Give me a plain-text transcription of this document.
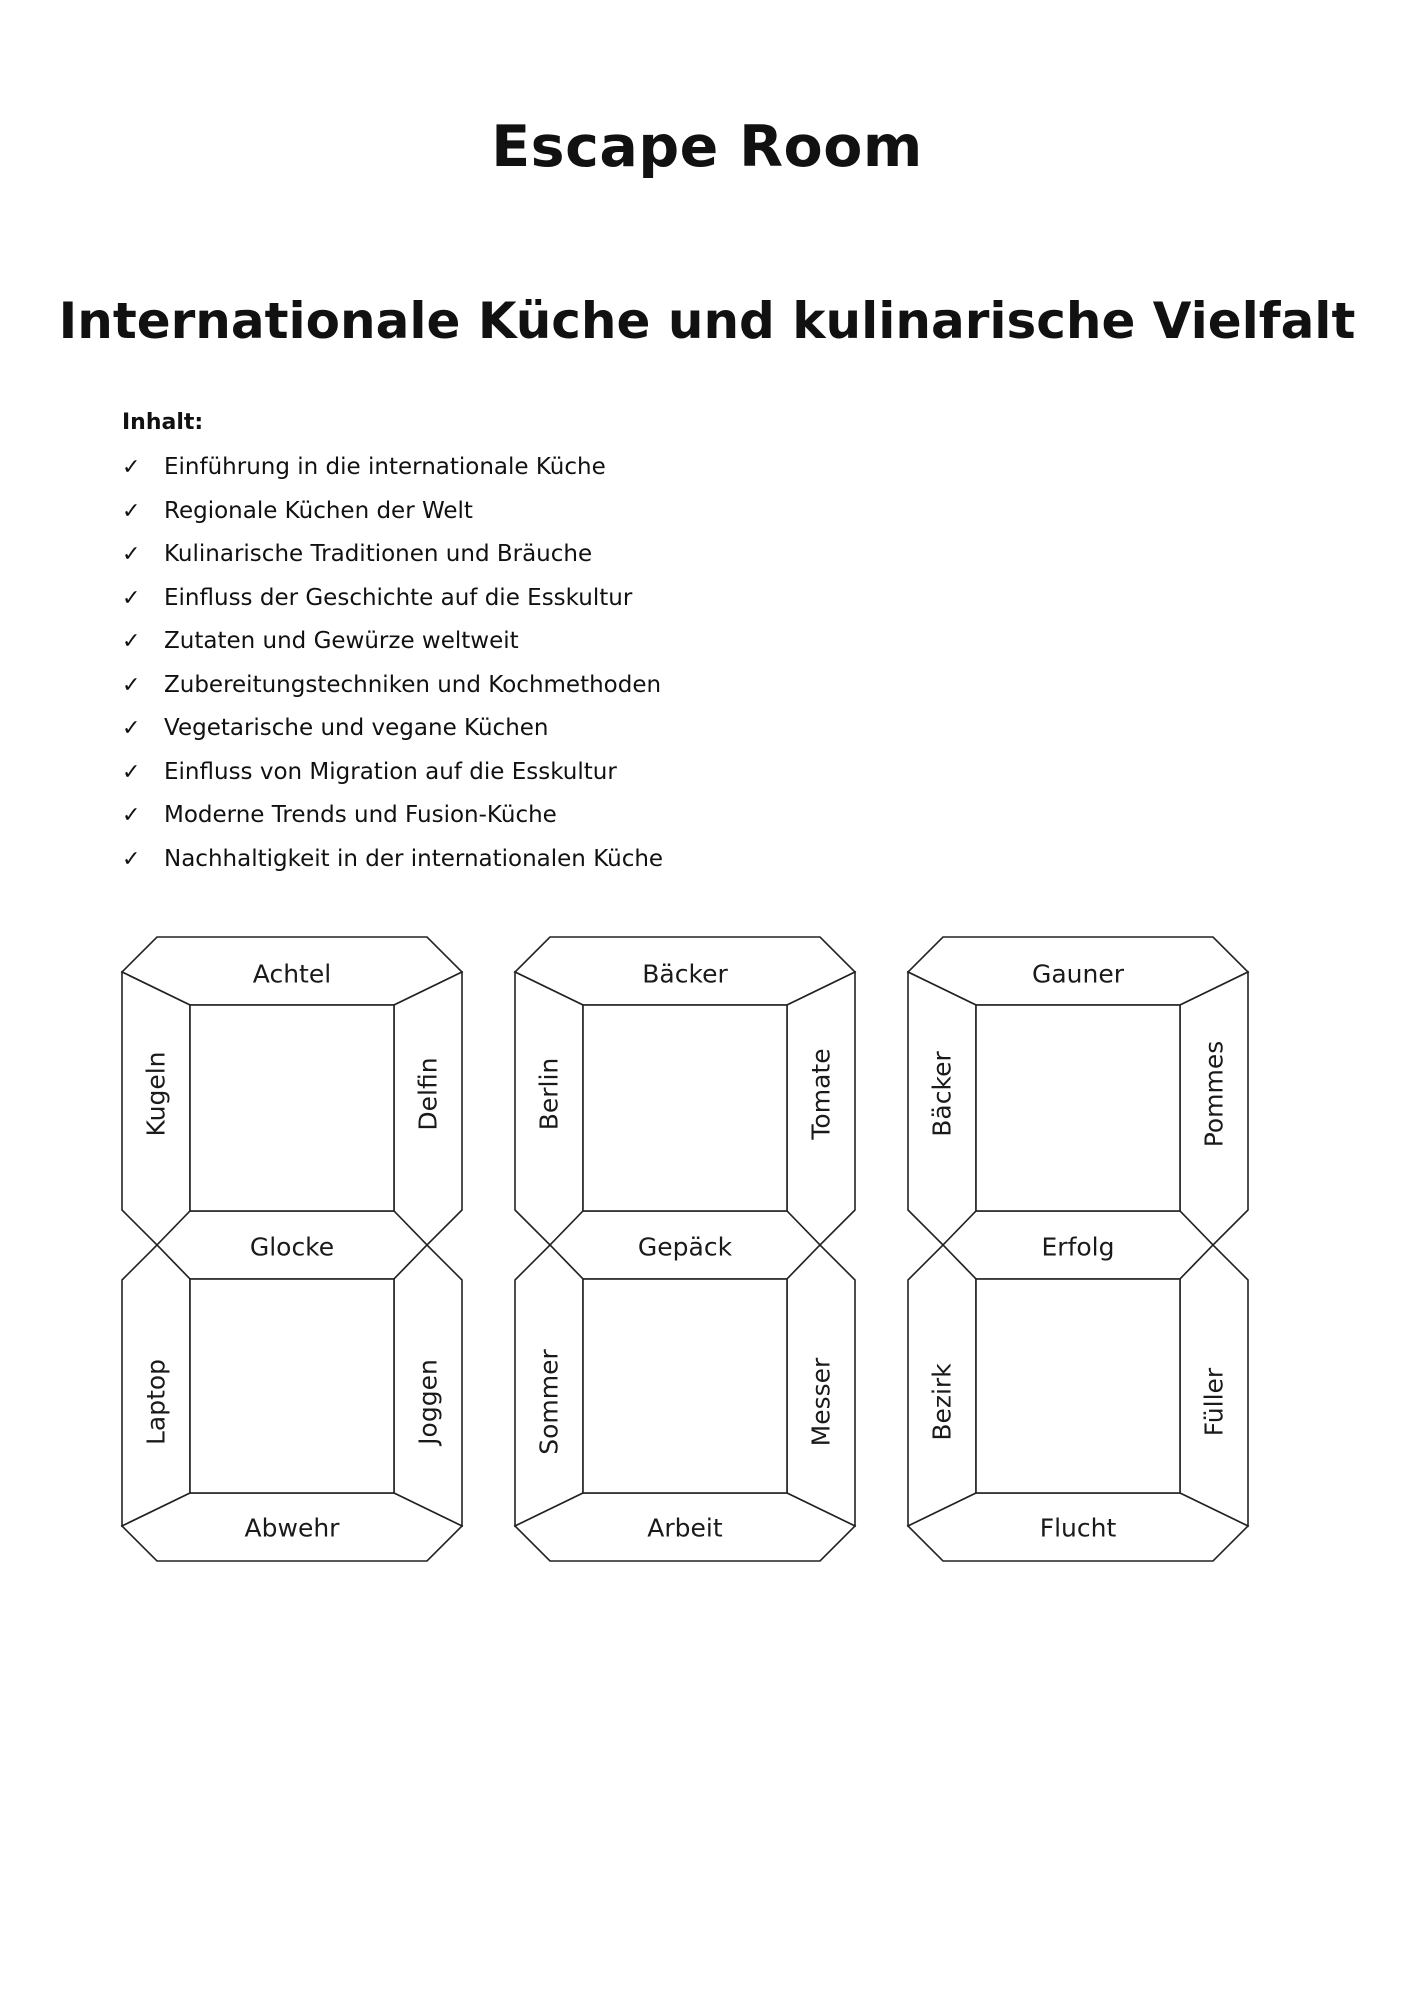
Escape Room
Internationale Küche und kulinarische Vielfalt
Inhalt:
✓	Einführung in die internationale Küche
✓	Regionale Küchen der Welt
✓	Kulinarische Traditionen und Bräuche
✓	Einfluss der Geschichte auf die Esskultur
✓	Zutaten und Gewürze weltweit
✓	Zubereitungstechniken und Kochmethoden
✓	Vegetarische und vegane Küchen
✓	Einfluss von Migration auf die Esskultur
✓	Moderne Trends und Fusion-Küche
✓	Nachhaltigkeit in der internationalen Küche
Achtel
Kugeln	Delfin
Glocke
Laptop	Joggen
Abwehr
Bäcker
Berlin	Tomate
Gepäck
Sommer	Messer
Arbeit
Gauner
Bäcker	Pommes
Erfolg
Bezirk	Füller
Flucht
